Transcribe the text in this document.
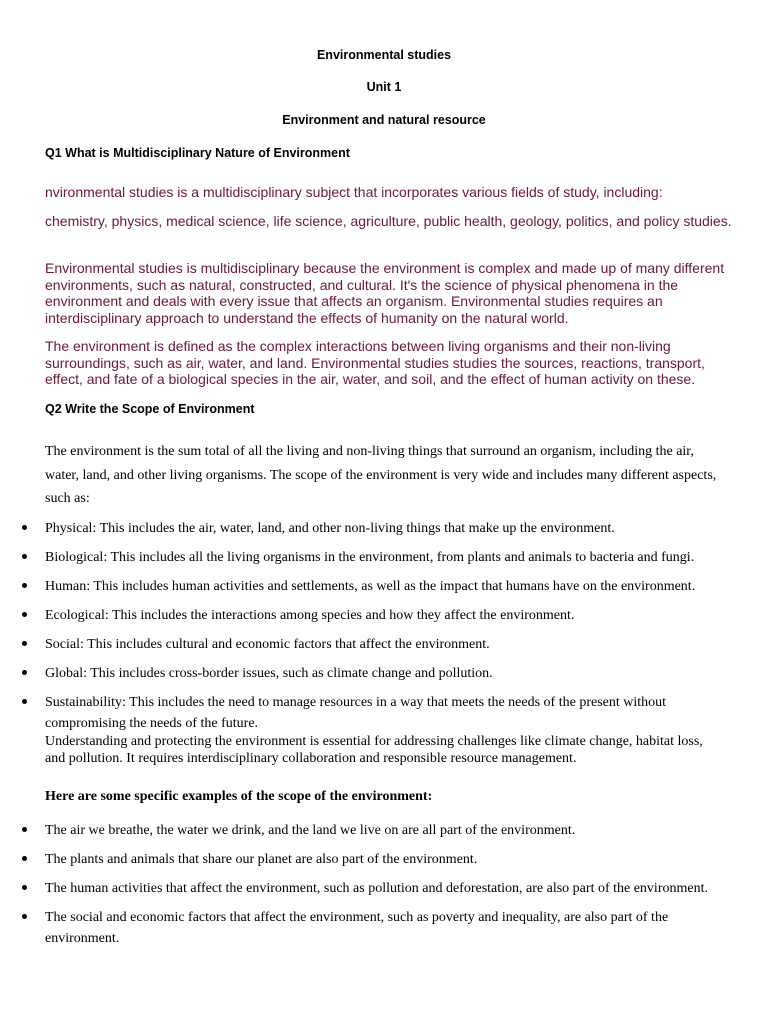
Environmental studies
Unit 1
Environment and natural resource
Q1 What is Multidisciplinary Nature of Environment
nvironmental studies is a multidisciplinary subject that incorporates various fields of study, including:
chemistry, physics, medical science, life science, agriculture, public health, geology, politics, and policy studies.
Environmental studies is multidisciplinary because the environment is complex and made up of many different environments, such as natural, constructed, and cultural. It's the science of physical phenomena in the environment and deals with every issue that affects an organism. Environmental studies requires an interdisciplinary approach to understand the effects of humanity on the natural world.
The environment is defined as the complex interactions between living organisms and their non-living surroundings, such as air, water, and land. Environmental studies studies the sources, reactions, transport, effect, and fate of a biological species in the air, water, and soil, and the effect of human activity on these.
Q2 Write the Scope of Environment
The environment is the sum total of all the living and non-living things that surround an organism, including the air, water, land, and other living organisms. The scope of the environment is very wide and includes many different aspects, such as:
Physical: This includes the air, water, land, and other non-living things that make up the environment.
Biological: This includes all the living organisms in the environment, from plants and animals to bacteria and fungi.
Human: This includes human activities and settlements, as well as the impact that humans have on the environment.
Ecological: This includes the interactions among species and how they affect the environment.
Social: This includes cultural and economic factors that affect the environment.
Global: This includes cross-border issues, such as climate change and pollution.
Sustainability: This includes the need to manage resources in a way that meets the needs of the present without compromising the needs of the future.
Understanding and protecting the environment is essential for addressing challenges like climate change, habitat loss, and pollution. It requires interdisciplinary collaboration and responsible resource management.
Here are some specific examples of the scope of the environment:
The air we breathe, the water we drink, and the land we live on are all part of the environment.
The plants and animals that share our planet are also part of the environment.
The human activities that affect the environment, such as pollution and deforestation, are also part of the environment.
The social and economic factors that affect the environment, such as poverty and inequality, are also part of the environment.
